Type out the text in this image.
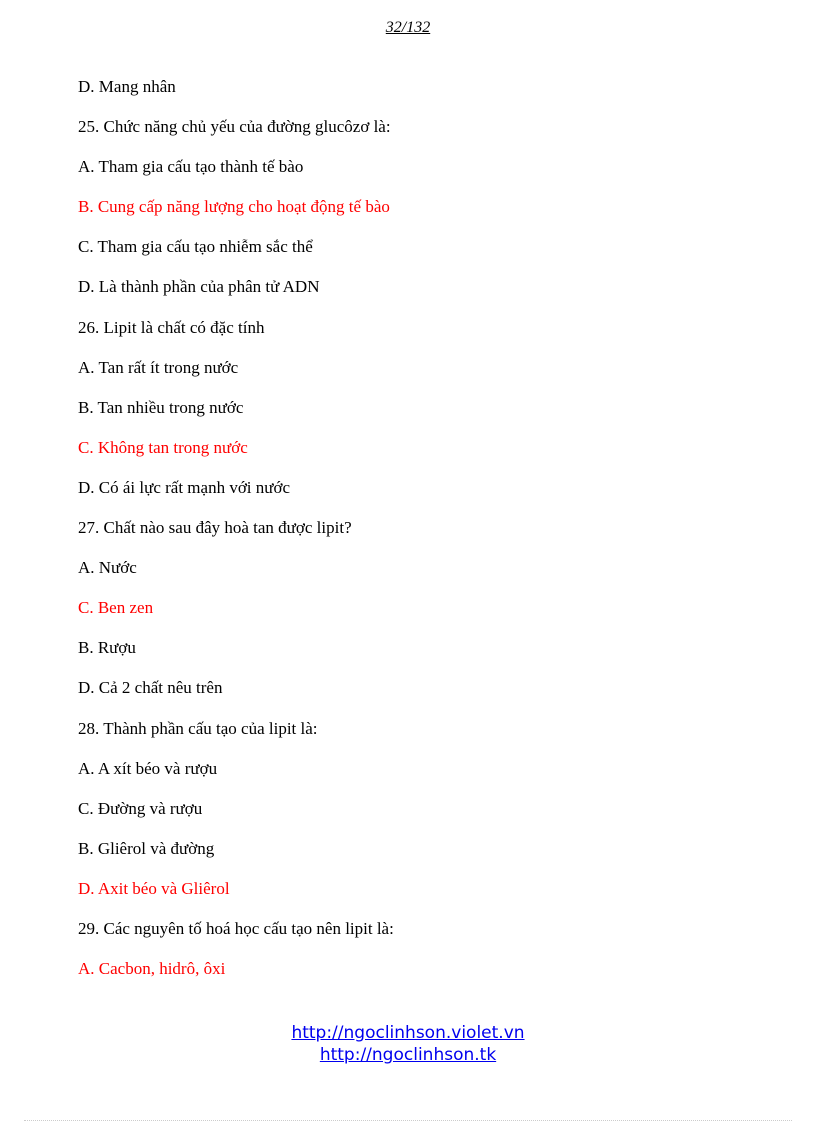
32/132
D. Mang nhân
25. Chức năng chủ yếu của đường glucôzơ là:
A. Tham gia cấu tạo thành tế bào
B. Cung cấp năng lượng cho hoạt động tế bào
C. Tham gia cấu tạo nhiễm sắc thể
D. Là thành phần của phân tử ADN
26. Lipit là chất có đặc tính
A. Tan rất ít trong nước
B. Tan nhiều trong nước
C. Không tan trong nước
D. Có ái lực rất mạnh với nước
27. Chất nào sau đây hoà tan được lipit?
A. Nước
C. Ben zen
B. Rượu
D. Cả 2 chất nêu trên
28. Thành phần cấu tạo của lipit là:
A. A xít béo và rượu
C. Đường và rượu
B. Gliêrol và đường
D. Axit béo và Gliêrol
29. Các nguyên tố hoá học cấu tạo nên lipit là:
A. Cacbon, hidrô, ôxi
http://ngoclinhson.violet.vn
http://ngoclinhson.tk
